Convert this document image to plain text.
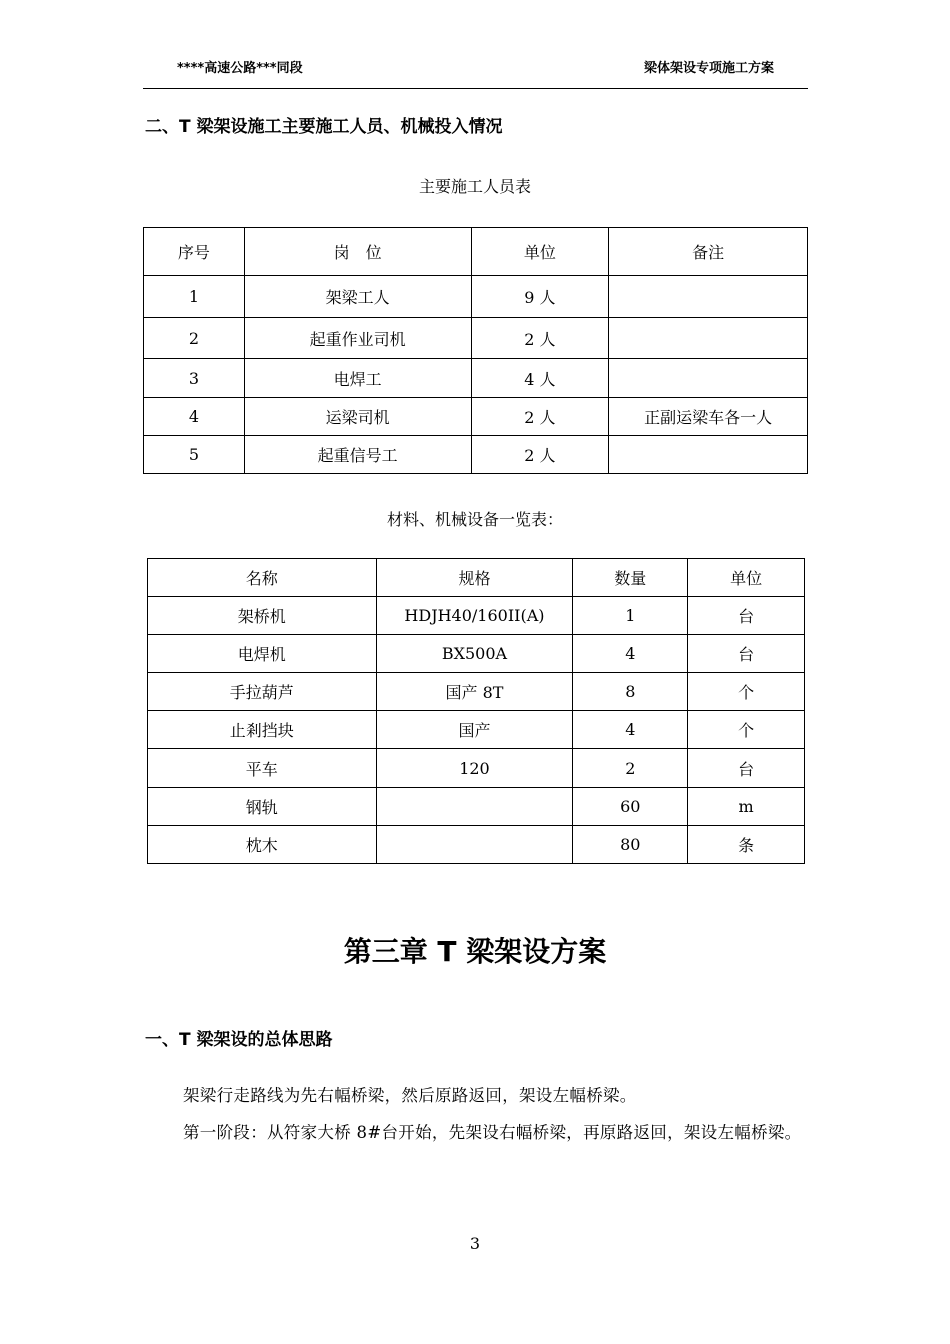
****高速公路***同段	梁体架设专项施工方案
二、T 梁架设施工主要施工人员、机械投入情况
主要施工人员表
序号	岗　位	单位	备注
1	架梁工人	9 人	
2	起重作业司机	2 人	
3	电焊工	4 人	
4	运梁司机	2 人	正副运梁车各一人
5	起重信号工	2 人	
材料、机械设备一览表：
名称	规格	数量	单位
架桥机	HDJH40/160II(A)	1	台
电焊机	BX500A	4	台
手拉葫芦	国产 8T	8	个
止剎挡块	国产	4	个
平车	120	2	台
钢轨		60	m
枕木		80	条
第三章 T 梁架设方案
一、T 梁架设的总体思路
架梁行走路线为先右幅桥梁，然后原路返回，架设左幅桥梁。
第一阶段：从符家大桥 8#台开始，先架设右幅桥梁，再原路返回，架设左幅桥梁。
3
